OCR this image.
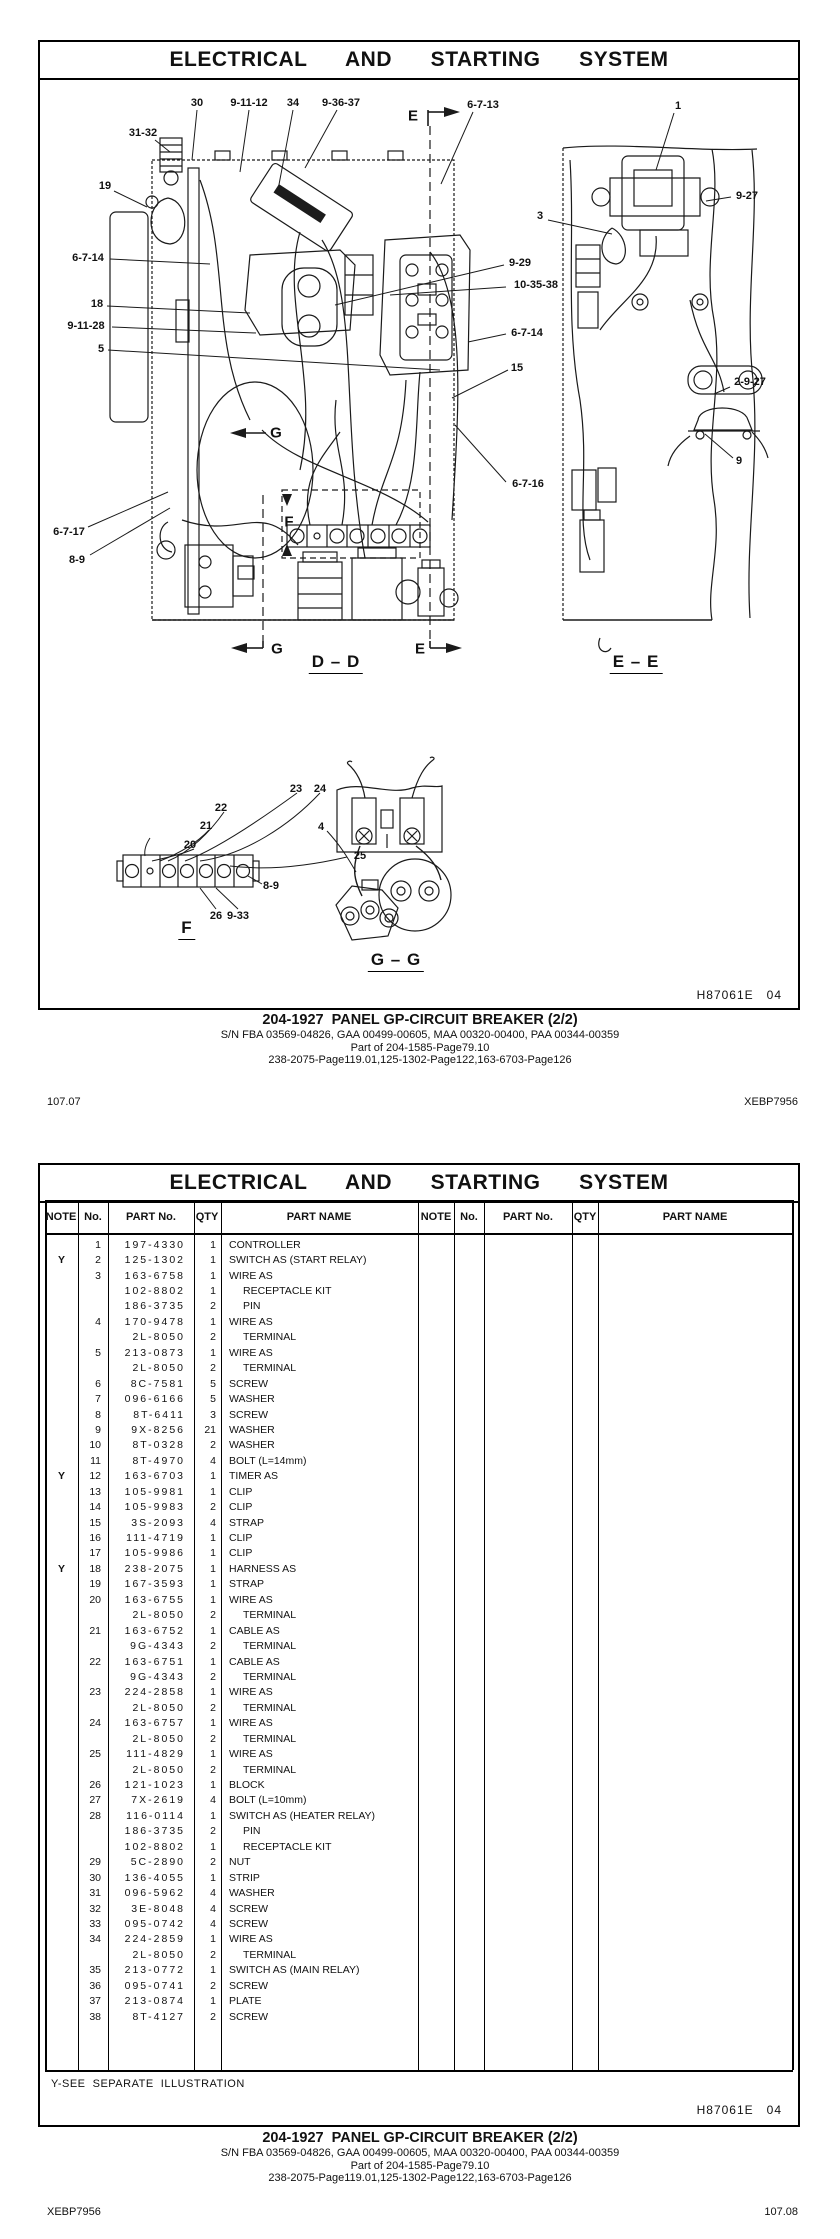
ELECTRICAL  AND  STARTING  SYSTEM
D – D	E – E
F
G – G
E
E
G
G
F
H87061E   04
204-1927  PANEL GP-CIRCUIT BREAKER (2/2)
S/N FBA 03569-04826, GAA 00499-00605, MAA 00320-00400, PAA 00344-00359
Part of 204-1585-Page79.10
238-2075-Page119.01,125-1302-Page122,163-6703-Page126
107.07	XEBP7956
ELECTRICAL  AND  STARTING  SYSTEM
NOTE No. PART No. QTY	PART NAME	NOTE No. PART No. QTY	PART NAME
1	197-4330	1	CONTROLLER
Y	2	125-1302	1	SWITCH AS (START RELAY)
3	163-6758	1	WIRE AS
102-8802	1	RECEPTACLE KIT
186-3735	2	PIN
4	170-9478	1	WIRE AS
2L-8050	2	TERMINAL
5	213-0873	1	WIRE AS
2L-8050	2	TERMINAL
6	8C-7581	5	SCREW
7	096-6166	5	WASHER
8	8T-6411	3	SCREW
9	9X-8256	21	WASHER
10	8T-0328	2	WASHER
11	8T-4970	4	BOLT (L=14mm)
Y	12	163-6703	1	TIMER AS
13	105-9981	1	CLIP
14	105-9983	2	CLIP
15	3S-2093	4	STRAP
16	111-4719	1	CLIP
17	105-9986	1	CLIP
Y	18	238-2075	1	HARNESS AS
19	167-3593	1	STRAP
20	163-6755	1	WIRE AS
2L-8050	2	TERMINAL
21	163-6752	1	CABLE AS
9G-4343	2	TERMINAL
22	163-6751	1	CABLE AS
9G-4343	2	TERMINAL
23	224-2858	1	WIRE AS
2L-8050	2	TERMINAL
24	163-6757	1	WIRE AS
2L-8050	2	TERMINAL
25	111-4829	1	WIRE AS
2L-8050	2	TERMINAL
26	121-1023	1	BLOCK
27	7X-2619	4	BOLT (L=10mm)
28	116-0114	1	SWITCH AS (HEATER RELAY)
186-3735	2	PIN
102-8802	1	RECEPTACLE KIT
29	5C-2890	2	NUT
30	136-4055	1	STRIP
31	096-5962	4	WASHER
32	3E-8048	4	SCREW
33	095-0742	4	SCREW
34	224-2859	1	WIRE AS
2L-8050	2	TERMINAL
35	213-0772	1	SWITCH AS (MAIN RELAY)
36	095-0741	2	SCREW
37	213-0874	1	PLATE
38	8T-4127	2	SCREW
Y-SEE  SEPARATE  ILLUSTRATION
H87061E   04
204-1927  PANEL GP-CIRCUIT BREAKER (2/2)
S/N FBA 03569-04826, GAA 00499-00605, MAA 00320-00400, PAA 00344-00359
Part of 204-1585-Page79.10
238-2075-Page119.01,125-1302-Page122,163-6703-Page126
XEBP7956	107.08
31-32
30 9-11-12 34 9-36-37	6-7-13	1
19
9-27
3
6-7-14
18
9-11-28
5
9-29
10-35-38
6-7-14
15
6-7-16
2-9-27
9
6-7-17
8-9
20
21
22
23 24
25
8-9
26 9-33
4
